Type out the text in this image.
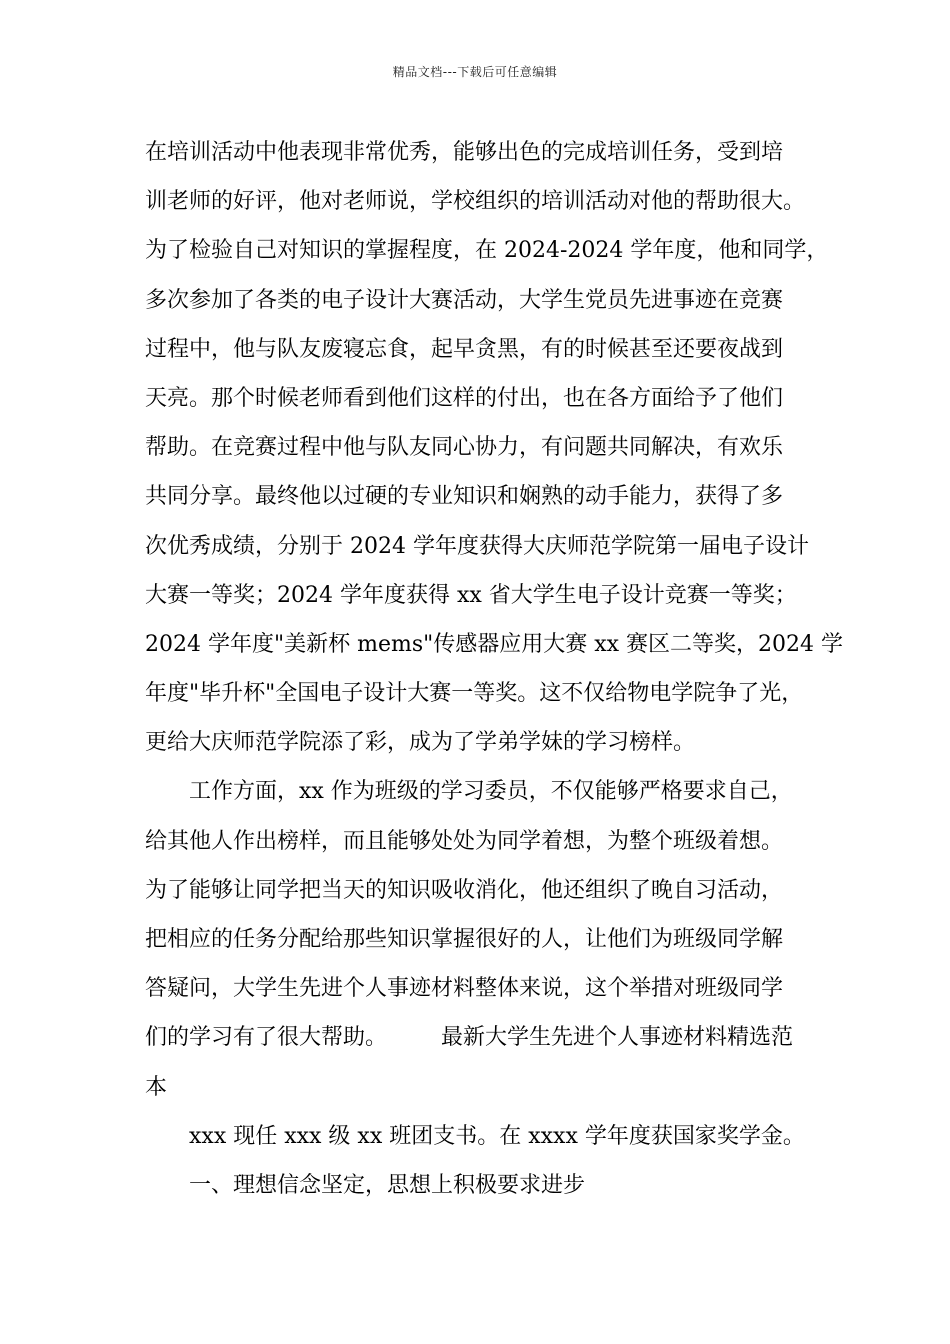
精品文档---下载后可任意编辑
在培训活动中他表现非常优秀，能够出色的完成培训任务，受到培
训老师的好评，他对老师说，学校组织的培训活动对他的帮助很大。
为了检验自己对知识的掌握程度，在 2024-2024 学年度，他和同学，
多次参加了各类的电子设计大赛活动，大学生党员先进事迹在竞赛
过程中，他与队友废寝忘食，起早贪黑，有的时候甚至还要夜战到
天亮。那个时候老师看到他们这样的付出，也在各方面给予了他们
帮助。在竞赛过程中他与队友同心协力，有问题共同解决，有欢乐
共同分享。最终他以过硬的专业知识和娴熟的动手能力，获得了多
次优秀成绩，分别于 2024 学年度获得大庆师范学院第一届电子设计
大赛一等奖；2024 学年度获得 xx 省大学生电子设计竞赛一等奖；
2024 学年度"美新杯 mems"传感器应用大赛 xx 赛区二等奖，2024 学
年度"毕升杯"全国电子设计大赛一等奖。这不仅给物电学院争了光，
更给大庆师范学院添了彩，成为了学弟学妹的学习榜样。
工作方面，xx 作为班级的学习委员，不仅能够严格要求自己，
给其他人作出榜样，而且能够处处为同学着想，为整个班级着想。
为了能够让同学把当天的知识吸收消化，他还组织了晚自习活动，
把相应的任务分配给那些知识掌握很好的人，让他们为班级同学解
答疑问，大学生先进个人事迹材料整体来说，这个举措对班级同学
们的学习有了很大帮助。 最新大学生先进个人事迹材料精选范
本
xxx 现任 xxx 级 xx 班团支书。在 xxxx 学年度获国家奖学金。
一、理想信念坚定，思想上积极要求进步
